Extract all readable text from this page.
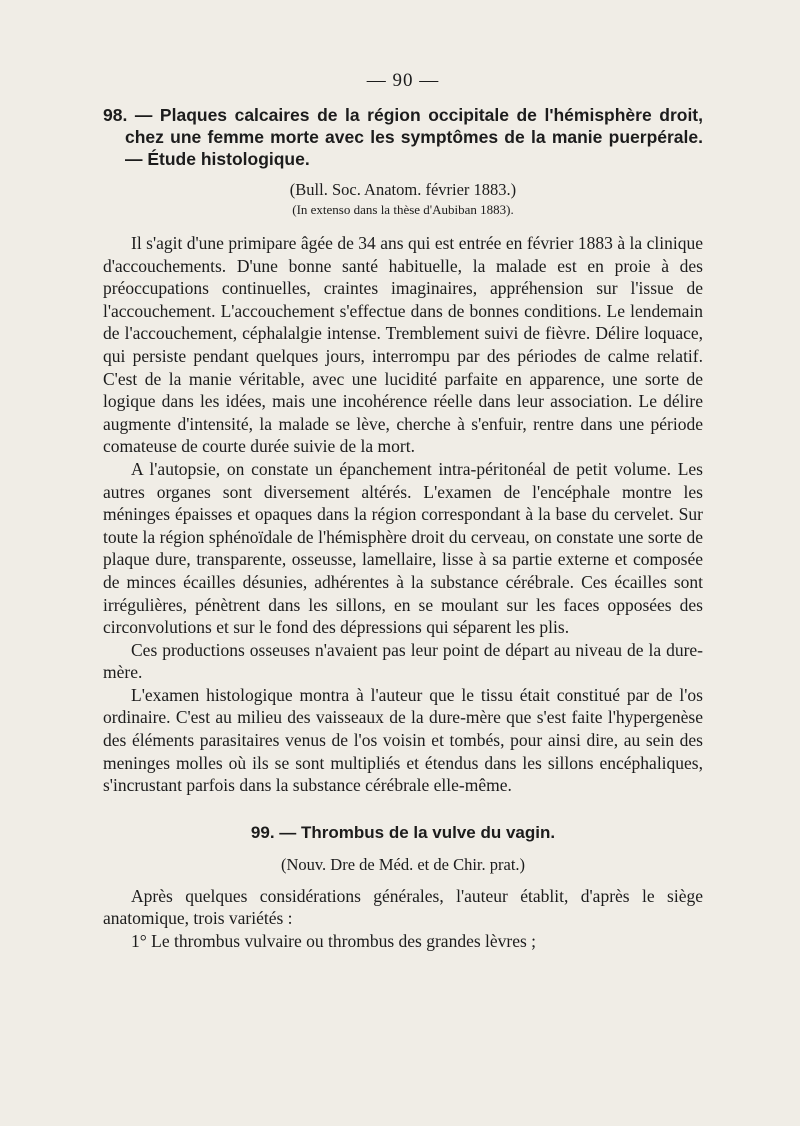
— 90 —
98. — Plaques calcaires de la région occipitale de l'hémisphère droit, chez une femme morte avec les symptômes de la manie puerpérale. — Étude histologique.
(Bull. Soc. Anatom. février 1883.)
(In extenso dans la thèse d'Aubiban 1883).

Il s'agit d'une primipare âgée de 34 ans qui est entrée en février 1883 à la clinique d'accouchements. D'une bonne santé habituelle, la malade est en proie à des préoccupations continuelles, craintes imaginaires, appréhension sur l'issue de l'accouchement. L'accouchement s'effectue dans de bonnes conditions. Le lendemain de l'accouchement, céphalalgie intense. Tremblement suivi de fièvre. Délire loquace, qui persiste pendant quelques jours, interrompu par des périodes de calme relatif. C'est de la manie véritable, avec une lucidité parfaite en apparence, une sorte de logique dans les idées, mais une incohérence réelle dans leur association. Le délire augmente d'intensité, la malade se lève, cherche à s'enfuir, rentre dans une période comateuse de courte durée suivie de la mort.

A l'autopsie, on constate un épanchement intra-péritonéal de petit volume. Les autres organes sont diversement altérés. L'examen de l'encéphale montre les méninges épaisses et opaques dans la région correspondant à la base du cervelet. Sur toute la région sphénoïdale de l'hémisphère droit du cerveau, on constate une sorte de plaque dure, transparente, osseusse, lamellaire, lisse à sa partie externe et composée de minces écailles désunies, adhérentes à la substance cérébrale. Ces écailles sont irrégulières, pénètrent dans les sillons, en se moulant sur les faces opposées des circonvolutions et sur le fond des dépressions qui séparent les plis.

Ces productions osseuses n'avaient pas leur point de départ au niveau de la dure-mère.

L'examen histologique montra à l'auteur que le tissu était constitué par de l'os ordinaire. C'est au milieu des vaisseaux de la dure-mère que s'est faite l'hypergenèse des éléments parasitaires venus de l'os voisin et tombés, pour ainsi dire, au sein des meninges molles où ils se sont multipliés et étendus dans les sillons encéphaliques, s'incrustant parfois dans la substance cérébrale elle-même.

99. — Thrombus de la vulve du vagin.
(Nouv. Dre de Méd. et de Chir. prat.)

Après quelques considérations générales, l'auteur établit, d'après le siège anatomique, trois variétés :

1° Le thrombus vulvaire ou thrombus des grandes lèvres ;
